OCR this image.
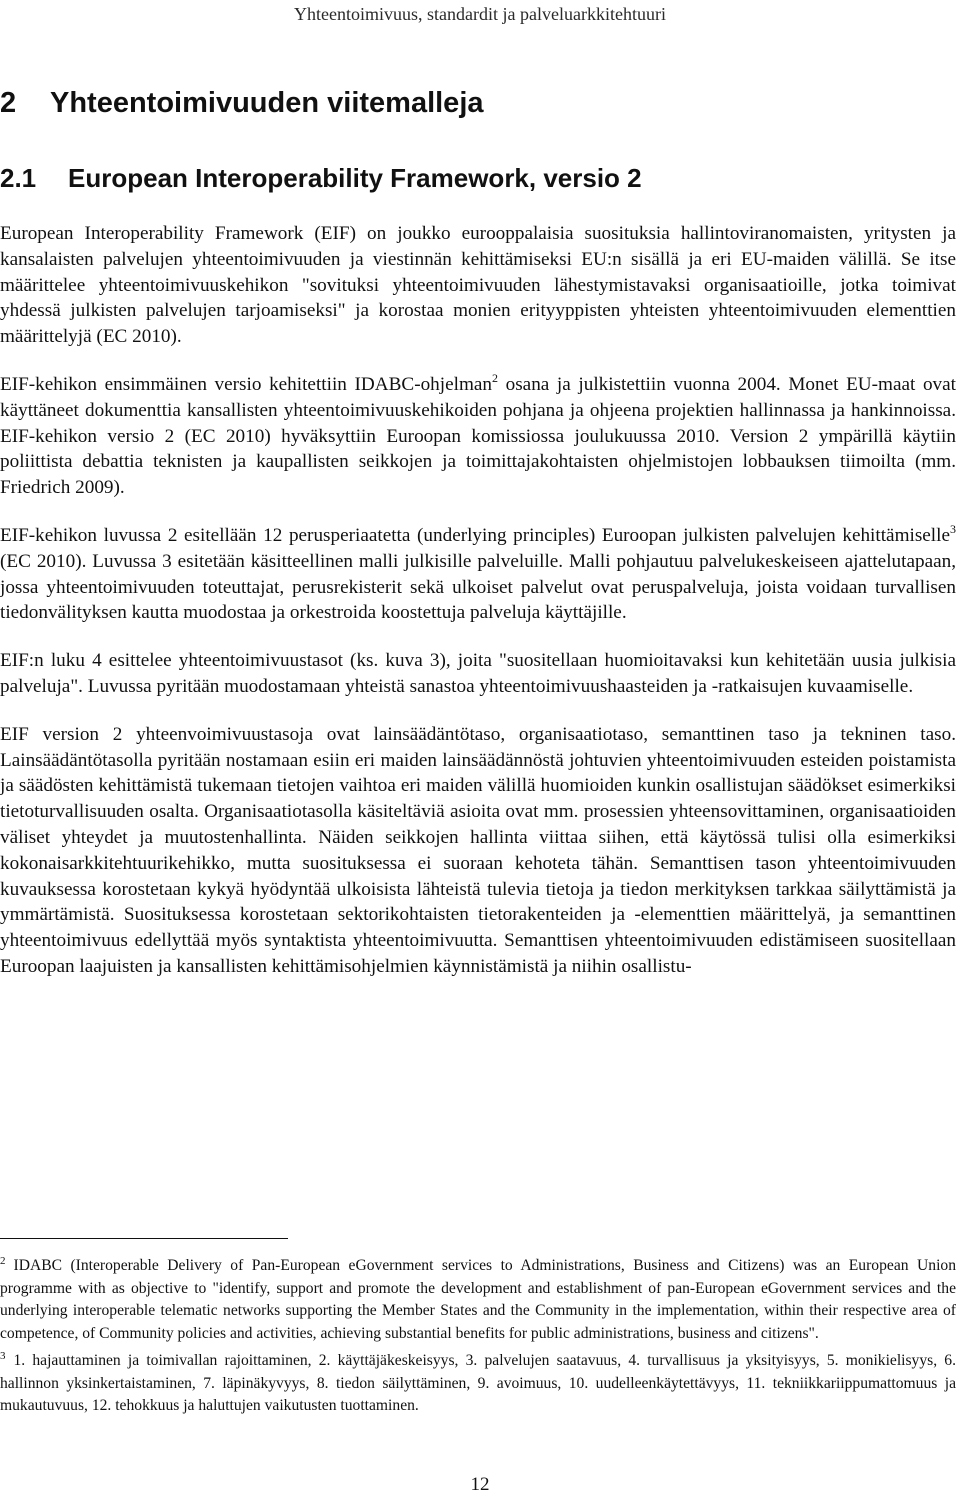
Yhteentoimivuus, standardit ja palveluarkkitehtuuri
2 Yhteentoimivuuden viitemalleja
2.1 European Interoperability Framework, versio 2

European Interoperability Framework (EIF) on joukko eurooppalaisia suosituksia hallintoviranomaisten, yritysten ja kansalaisten palvelujen yhteentoimivuuden ja viestinnän kehittämiseksi EU:n sisällä ja eri EU-maiden välillä. Se itse määrittelee yhteentoimivuuskehikon "sovituksi yhteentoimivuuden lähestymistavaksi organisaatioille, jotka toimivat yhdessä julkisten palvelujen tarjoamiseksi" ja korostaa monien erityyppisten yhteisten yhteentoimivuuden elementtien määrittelyjä (EC 2010).

EIF-kehikon ensimmäinen versio kehitettiin IDABC-ohjelman$^2$ osana ja julkistettiin vuonna 2004. Monet EU-maat ovat käyttäneet dokumenttia kansallisten yhteentoimivuuskehikoiden pohjana ja ohjeena projektien hallinnassa ja hankinnoissa. EIF-kehikon versio 2 (EC 2010) hyväksyttiin Euroopan komissiossa joulukuussa 2010. Version 2 ympärillä käytiin poliittista debattia teknisten ja kaupallisten seikkojen ja toimittajakohtaisten ohjelmistojen lobbauksen tiimoilta (mm. Friedrich 2009).

EIF-kehikon luvussa 2 esitellään 12 perusperiaatetta (underlying principles) Euroopan julkisten palvelujen kehittämiselle$^3$ (EC 2010). Luvussa 3 esitetään käsitteellinen malli julkisille palveluille. Malli pohjautuu palvelukeskeiseen ajattelutapaan, jossa yhteentoimivuuden toteuttajat, perusrekisterit sekä ulkoiset palvelut ovat peruspalveluja, joista voidaan turvallisen tiedonvälityksen kautta muodostaa ja orkestroida koostettuja palveluja käyttäjille.

EIF:n luku 4 esittelee yhteentoimivuustasot (ks. kuva 3), joita "suositellaan huomioitavaksi kun kehitetään uusia julkisia palveluja". Luvussa pyritään muodostamaan yhteistä sanastoa yhteentoimivuushaasteiden ja -ratkaisujen kuvaamiselle.

EIF version 2 yhteenvoimivuustasoja ovat lainsäädäntötaso, organisaatiotaso, semanttinen taso ja tekninen taso. Lainsäädäntötasolla pyritään nostamaan esiin eri maiden lainsäädännöstä johtuvien yhteentoimivuuden esteiden poistamista ja säädösten kehittämistä tukemaan tietojen vaihtoa eri maiden välillä huomioiden kunkin osallistujan säädökset esimerkiksi tietoturvallisuuden osalta. Organisaatiotasolla käsiteltäviä asioita ovat mm. prosessien yhteensovittaminen, organisaatioiden väliset yhteydet ja muutostenhallinta. Näiden seikkojen hallinta viittaa siihen, että käytössä tulisi olla esimerkiksi kokonaisarkkitehtuurikehikko, mutta suosituksessa ei suoraan kehoteta tähän. Semanttisen tason yhteentoimivuuden kuvauksessa korostetaan kykyä hyödyntää ulkoisista lähteistä tulevia tietoja ja tiedon merkityksen tarkkaa säilyttämistä ja ymmärtämistä. Suosituksessa korostetaan sektorikohtaisten tietorakenteiden ja -elementtien määrittelyä, ja semanttinen yhteentoimivuus edellyttää myös syntaktista yhteentoimivuutta. Semanttisen yhteentoimivuuden edistämiseen suositellaan Euroopan laajuisten ja kansallisten kehittämisohjelmien käynnistämistä ja niihin osallistu-

$^2$ IDABC (Interoperable Delivery of Pan-European eGovernment services to Administrations, Business and Citizens) was an European Union programme with as objective to "identify, support and promote the development and establishment of pan-European eGovernment services and the underlying interoperable telematic networks supporting the Member States and the Community in the implementation, within their respective area of competence, of Community policies and activities, achieving substantial benefits for public administrations, business and citizens".

$^3$ 1. hajauttaminen ja toimivallan rajoittaminen, 2. käyttäjäkeskeisyys, 3. palvelujen saatavuus, 4. turvallisuus ja yksityisyys, 5. monikielisyys, 6. hallinnon yksinkertaistaminen, 7. läpinäkyvyys, 8. tiedon säilyttäminen, 9. avoimuus, 10. uudelleenkäytettävyys, 11. tekniikkariippumattomuus ja mukautuvuus, 12. tehokkuus ja haluttujen vaikutusten tuottaminen.

12
